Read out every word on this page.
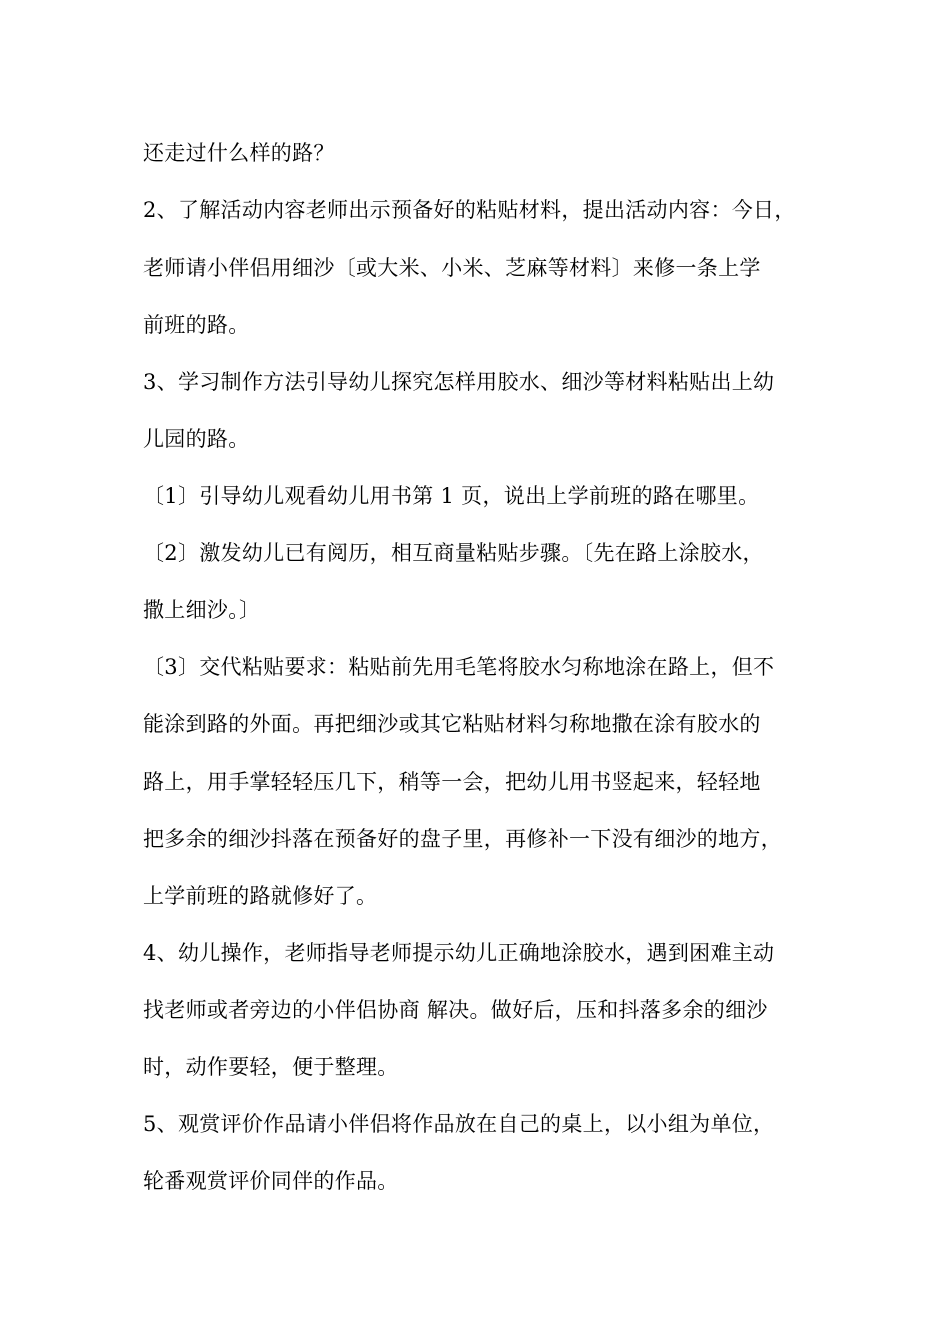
还走过什么样的路？
2、了解活动内容老师出示预备好的粘贴材料，提出活动内容：今日，
老师请小伴侣用细沙〔或大米、小米、芝麻等材料〕来修一条上学
前班的路。
3、学习制作方法引导幼儿探究怎样用胶水、细沙等材料粘贴出上幼
儿园的路。
〔1〕引导幼儿观看幼儿用书第 1 页，说出上学前班的路在哪里。
〔2〕激发幼儿已有阅历，相互商量粘贴步骤。〔先在路上涂胶水，
撒上细沙。〕
〔3〕交代粘贴要求：粘贴前先用毛笔将胶水匀称地涂在路上，但不
能涂到路的外面。再把细沙或其它粘贴材料匀称地撒在涂有胶水的
路上，用手掌轻轻压几下，稍等一会，把幼儿用书竖起来，轻轻地
把多余的细沙抖落在预备好的盘子里，再修补一下没有细沙的地方，
上学前班的路就修好了。
4、幼儿操作，老师指导老师提示幼儿正确地涂胶水，遇到困难主动
找老师或者旁边的小伴侣协商 解决。做好后，压和抖落多余的细沙
时，动作要轻，便于整理。
5、观赏评价作品请小伴侣将作品放在自己的桌上，以小组为单位，
轮番观赏评价同伴的作品。
